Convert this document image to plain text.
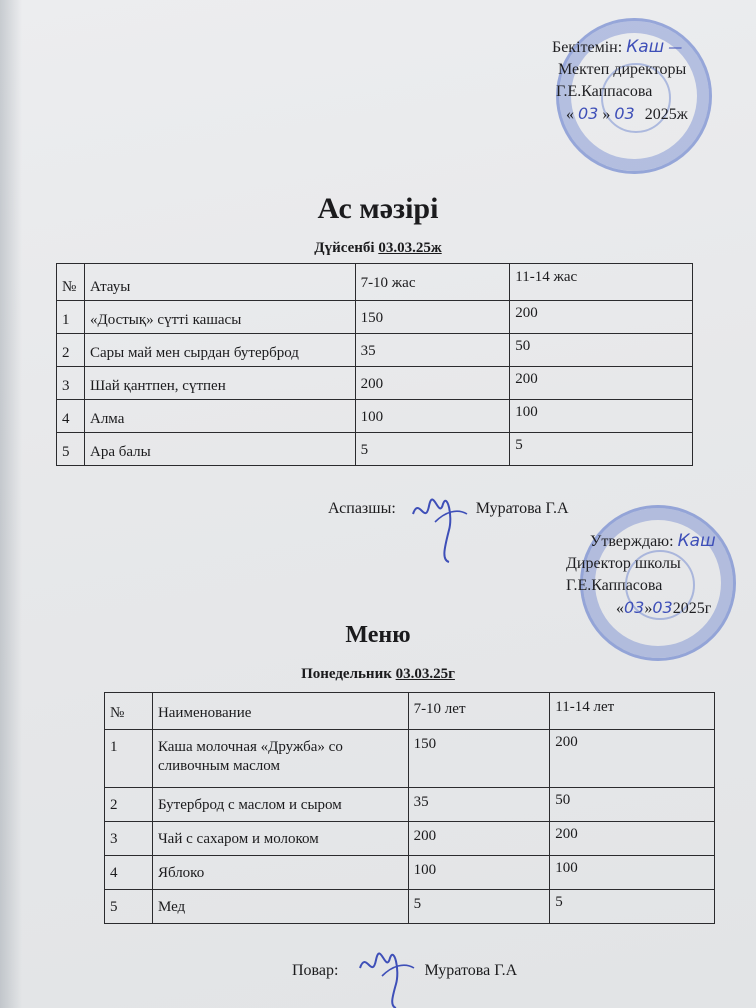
Бекітемін: Каш —
Мектеп директоры
Г.Е.Каппасова
« 03 » 03 2025ж
Ас мәзірі
Дүйсенбі 03.03.25ж
№	Атауы	7-10 жас	11-14 жас
1	«Достық» сүтті кашасы	150	200
2	Сары май мен сырдан бутерброд	35	50
3	Шай қантпен, сүтпен	200	200
4	Алма	100	100
5	Ара балы	5	5
Аспазшы:	Муратова Г.А
Утверждаю: Каш
Директор школы
Г.Е.Каппасова
«03»032025г
Меню
Понедельник 03.03.25г
№	Наименование	7-10 лет	11-14 лет
1	Каша молочная «Дружба» со сливочным маслом	150	200
2	Бутерброд с маслом и сыром	35	50
3	Чай с сахаром и молоком	200	200
4	Яблоко	100	100
5	Мед	5	5
Повар:	Муратова Г.А
